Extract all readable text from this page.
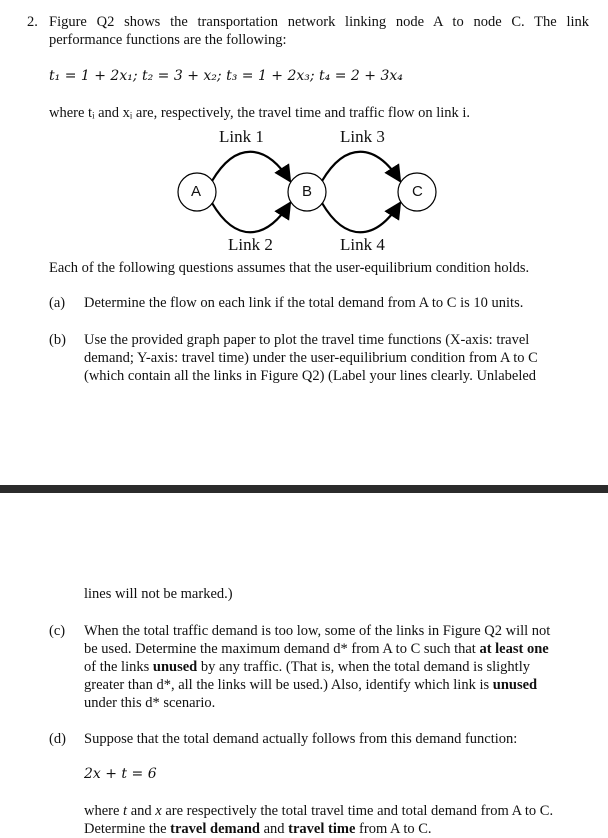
2. Figure Q2 shows the transportation network linking node A to node C. The link
performance functions are the following:
t₁ = 1 + 2x₁; t₂ = 3 + x₂; t₃ = 1 + 2x₃; t₄ = 2 + 3x₄
where tᵢ and xᵢ are, respectively, the travel time and traffic flow on link i.
Link 1	Link 3
A	B	C
Link 2	Link 4
Each of the following questions assumes that the user-equilibrium condition holds.
(a) Determine the flow on each link if the total demand from A to C is 10 units.
(b) Use the provided graph paper to plot the travel time functions (X-axis: travel
demand; Y-axis: travel time) under the user-equilibrium condition from A to C
(which contain all the links in Figure Q2) (Label your lines clearly. Unlabeled
lines will not be marked.)
(c) When the total traffic demand is too low, some of the links in Figure Q2 will not
be used. Determine the maximum demand d* from A to C such that at least one
of the links unused by any traffic. (That is, when the total demand is slightly
greater than d*, all the links will be used.) Also, identify which link is unused
under this d* scenario.
(d) Suppose that the total demand actually follows from this demand function:
2x + t = 6
where t and x are respectively the total travel time and total demand from A to C.
Determine the travel demand and travel time from A to C.
